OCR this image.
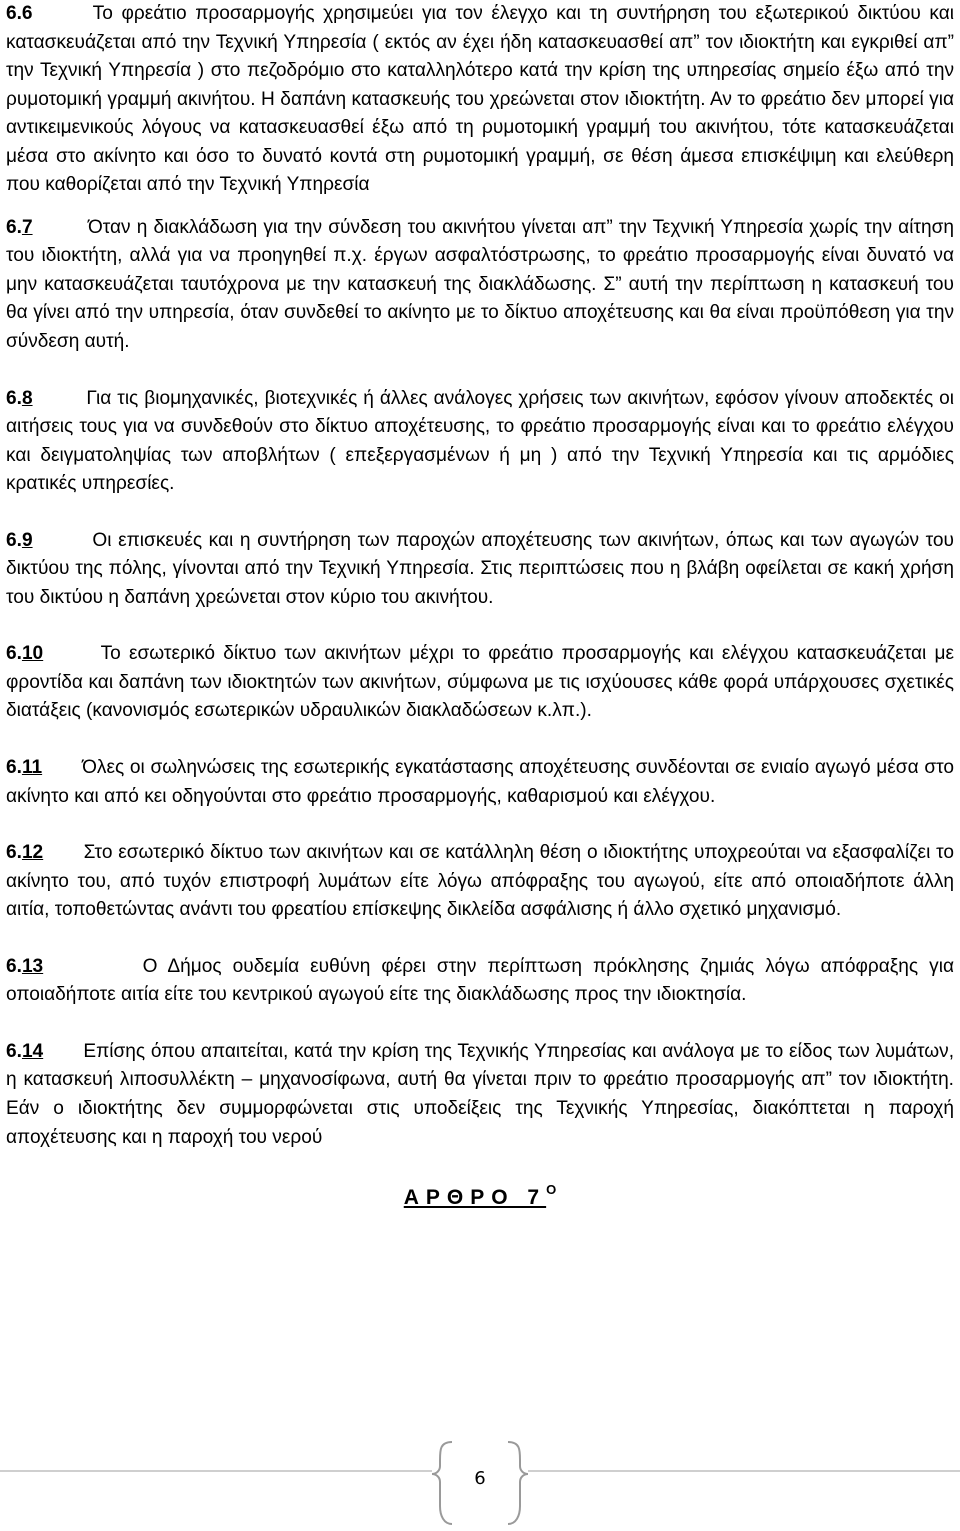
6.6	Το φρεάτιο προσαρμογής χρησιμεύει για τον έλεγχο και τη συντήρηση του εξωτερικού δικτύου και κατασκευάζεται από την Τεχνική Υπηρεσία ( εκτός αν έχει ήδη κατασκευασθεί απ” τον ιδιοκτήτη και εγκριθεί απ” την Τεχνική Υπηρεσία ) στο πεζοδρόμιο στο καταλληλότερο κατά την κρίση της υπηρεσίας σημείο έξω από την ρυμοτομική γραμμή ακινήτου. Η δαπάνη κατασκευής του χρεώνεται στον ιδιοκτήτη. Αν το φρεάτιο δεν μπορεί για αντικειμενικούς λόγους να κατασκευασθεί έξω από τη ρυμοτομική γραμμή του ακινήτου, τότε κατασκευάζεται μέσα στο ακίνητο και όσο το δυνατό κοντά στη ρυμοτομική γραμμή, σε θέση άμεσα επισκέψιμη και ελεύθερη που καθορίζεται από την Τεχνική Υπηρεσία

6.7	Όταν η διακλάδωση για την σύνδεση του ακινήτου γίνεται απ” την Τεχνική Υπηρεσία χωρίς την αίτηση του ιδιοκτήτη, αλλά για να προηγηθεί π.χ. έργων ασφαλτόστρωσης, το φρεάτιο προσαρμογής είναι δυνατό να μην κατασκευάζεται ταυτόχρονα με την κατασκευή της διακλάδωσης. Σ” αυτή την περίπτωση η κατασκευή του θα γίνει από την υπηρεσία, όταν συνδεθεί το ακίνητο με το δίκτυο αποχέτευσης και θα είναι προϋπόθεση για την σύνδεση αυτή.

6.8	Για τις βιομηχανικές, βιοτεχνικές ή άλλες ανάλογες χρήσεις των ακινήτων, εφόσον γίνουν αποδεκτές οι αιτήσεις τους για να συνδεθούν στο δίκτυο αποχέτευσης, το φρεάτιο προσαρμογής είναι και το φρεάτιο ελέγχου και δειγματοληψίας των αποβλήτων ( επεξεργασμένων ή μη ) από την Τεχνική Υπηρεσία και τις αρμόδιες κρατικές υπηρεσίες.

6.9	Οι επισκευές και η συντήρηση των παροχών αποχέτευσης των ακινήτων, όπως και των αγωγών του δικτύου της πόλης, γίνονται από την Τεχνική Υπηρεσία. Στις περιπτώσεις που η βλάβη οφείλεται σε κακή χρήση του δικτύου η δαπάνη χρεώνεται στον κύριο του ακινήτου.

6.10	Το εσωτερικό δίκτυο των ακινήτων μέχρι το φρεάτιο προσαρμογής και ελέγχου κατασκευάζεται με φροντίδα και δαπάνη των ιδιοκτητών των ακινήτων, σύμφωνα με τις ισχύουσες κάθε φορά υπάρχουσες σχετικές διατάξεις (κανονισμός εσωτερικών υδραυλικών διακλαδώσεων κ.λπ.).

6.11 Όλες οι σωληνώσεις της εσωτερικής εγκατάστασης αποχέτευσης συνδέονται σε ενιαίο αγωγό μέσα στο ακίνητο και από κει οδηγούνται στο φρεάτιο προσαρμογής, καθαρισμού και ελέγχου.

6.12 Στο εσωτερικό δίκτυο των ακινήτων και σε κατάλληλη θέση ο ιδιοκτήτης υποχρεούται να εξασφαλίζει το ακίνητο του, από τυχόν επιστροφή λυμάτων είτε λόγω απόφραξης του αγωγού, είτε από οποιαδήποτε άλλη αιτία, τοποθετώντας ανάντι του φρεατίου επίσκεψης δικλείδα ασφάλισης ή άλλο σχετικό μηχανισμό.

6.13	Ο Δήμος ουδεμία ευθύνη φέρει στην περίπτωση πρόκλησης ζημιάς λόγω απόφραξης για οποιαδήποτε αιτία είτε του κεντρικού αγωγού είτε της διακλάδωσης προς την ιδιοκτησία.

6.14 Επίσης όπου απαιτείται, κατά την κρίση της Τεχνικής Υπηρεσίας και ανάλογα με το είδος των λυμάτων, η κατασκευή λιποσυλλέκτη – μηχανοσίφωνα, αυτή θα γίνεται πριν το φρεάτιο προσαρμογής απ” τον ιδιοκτήτη. Εάν ο ιδιοκτήτης δεν συμμορφώνεται στις υποδείξεις της Τεχνικής Υπηρεσίας, διακόπτεται η παροχή αποχέτευσης και η παροχή του νερού

ΑΡΘΡΟ $7^O$
6
